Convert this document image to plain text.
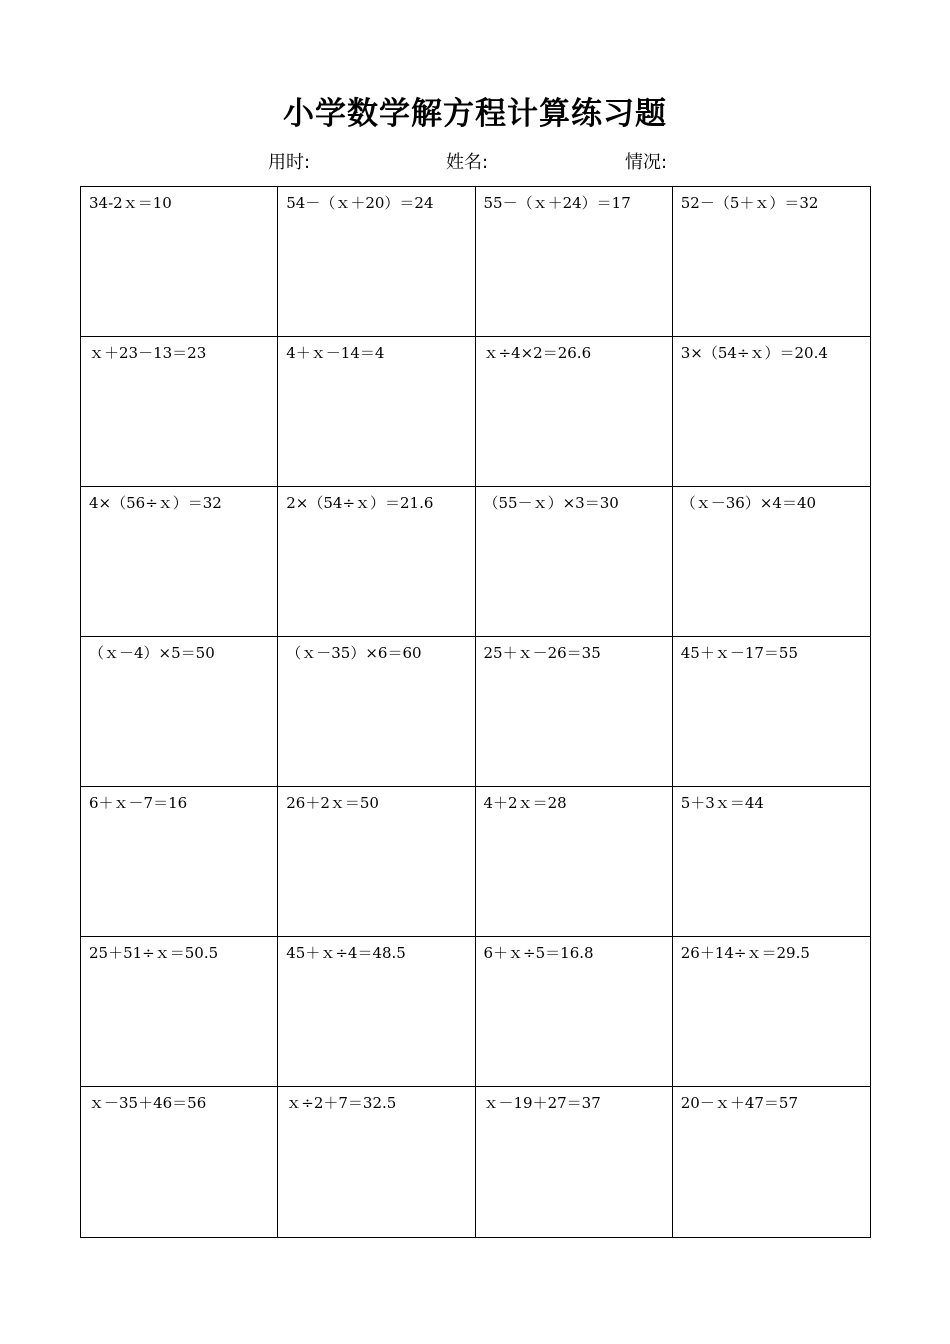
小学数学解方程计算练习题
用时:	姓名:	情况:
34-2ｘ＝10	54－（ｘ＋20）＝24	55－（ｘ＋24）＝17	52－（5＋ｘ）＝32
ｘ＋23－13＝23	4＋ｘ－14＝4	ｘ÷4×2＝26.6	3×（54÷ｘ）＝20.4
4×（56÷ｘ）＝32	2×（54÷ｘ）＝21.6	（55－ｘ）×3＝30	（ｘ－36）×4＝40
（ｘ－4）×5＝50	（ｘ－35）×6＝60	25＋ｘ－26＝35	45＋ｘ－17＝55
6＋ｘ－7＝16	26＋2ｘ＝50	4＋2ｘ＝28	5＋3ｘ＝44
25＋51÷ｘ＝50.5	45＋ｘ÷4＝48.5	6＋ｘ÷5＝16.8	26＋14÷ｘ＝29.5
ｘ－35＋46＝56	ｘ÷2＋7＝32.5	ｘ－19＋27＝37	20－ｘ＋47＝57
